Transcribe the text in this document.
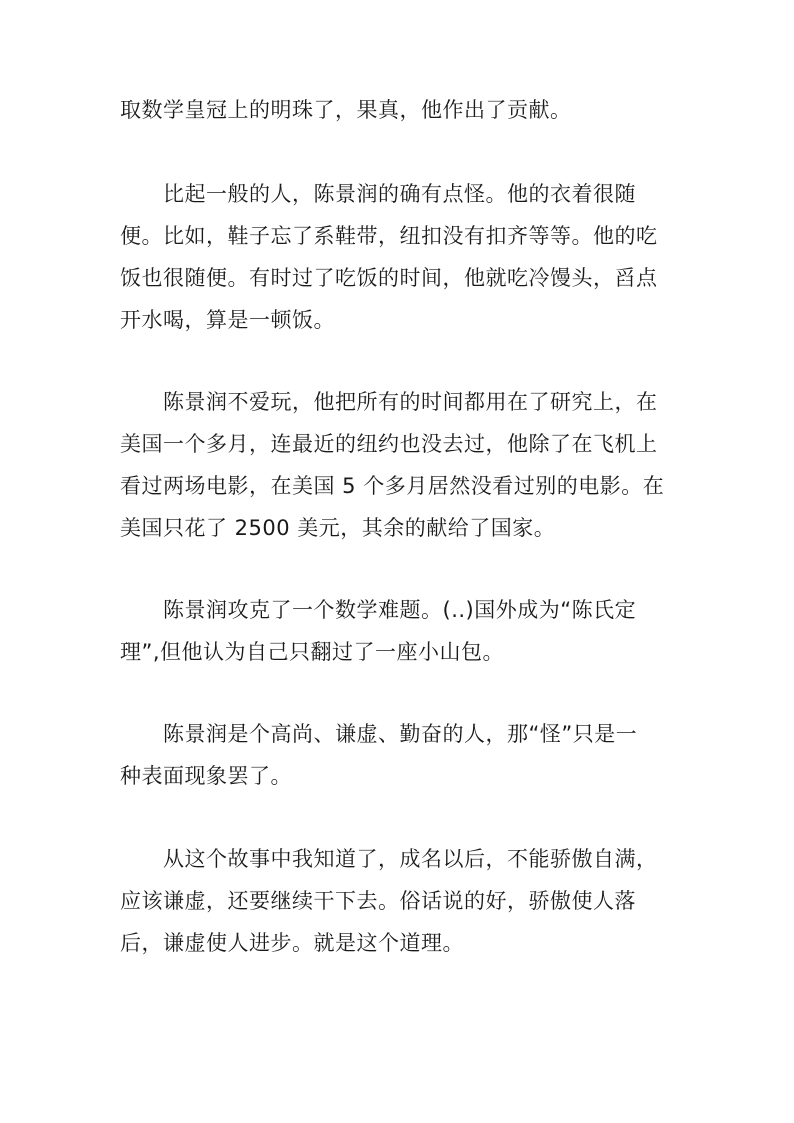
取数学皇冠上的明珠了，果真，他作出了贡献。
比起一般的人，陈景润的确有点怪。他的衣着很随
便。比如，鞋子忘了系鞋带，纽扣没有扣齐等等。他的吃
饭也很随便。有时过了吃饭的时间，他就吃冷馒头，舀点
开水喝，算是一顿饭。
陈景润不爱玩，他把所有的时间都用在了研究上，在
美国一个多月，连最近的纽约也没去过，他除了在飞机上
看过两场电影，在美国 5 个多月居然没看过别的电影。在
美国只花了 2500 美元，其余的献给了国家。
陈景润攻克了一个数学难题。(..)国外成为“陈氏定
理”,但他认为自己只翻过了一座小山包。
陈景润是个高尚、谦虚、勤奋的人，那“怪”只是一
种表面现象罢了。
从这个故事中我知道了，成名以后，不能骄傲自满，
应该谦虚，还要继续干下去。俗话说的好，骄傲使人落
后，谦虚使人进步。就是这个道理。
